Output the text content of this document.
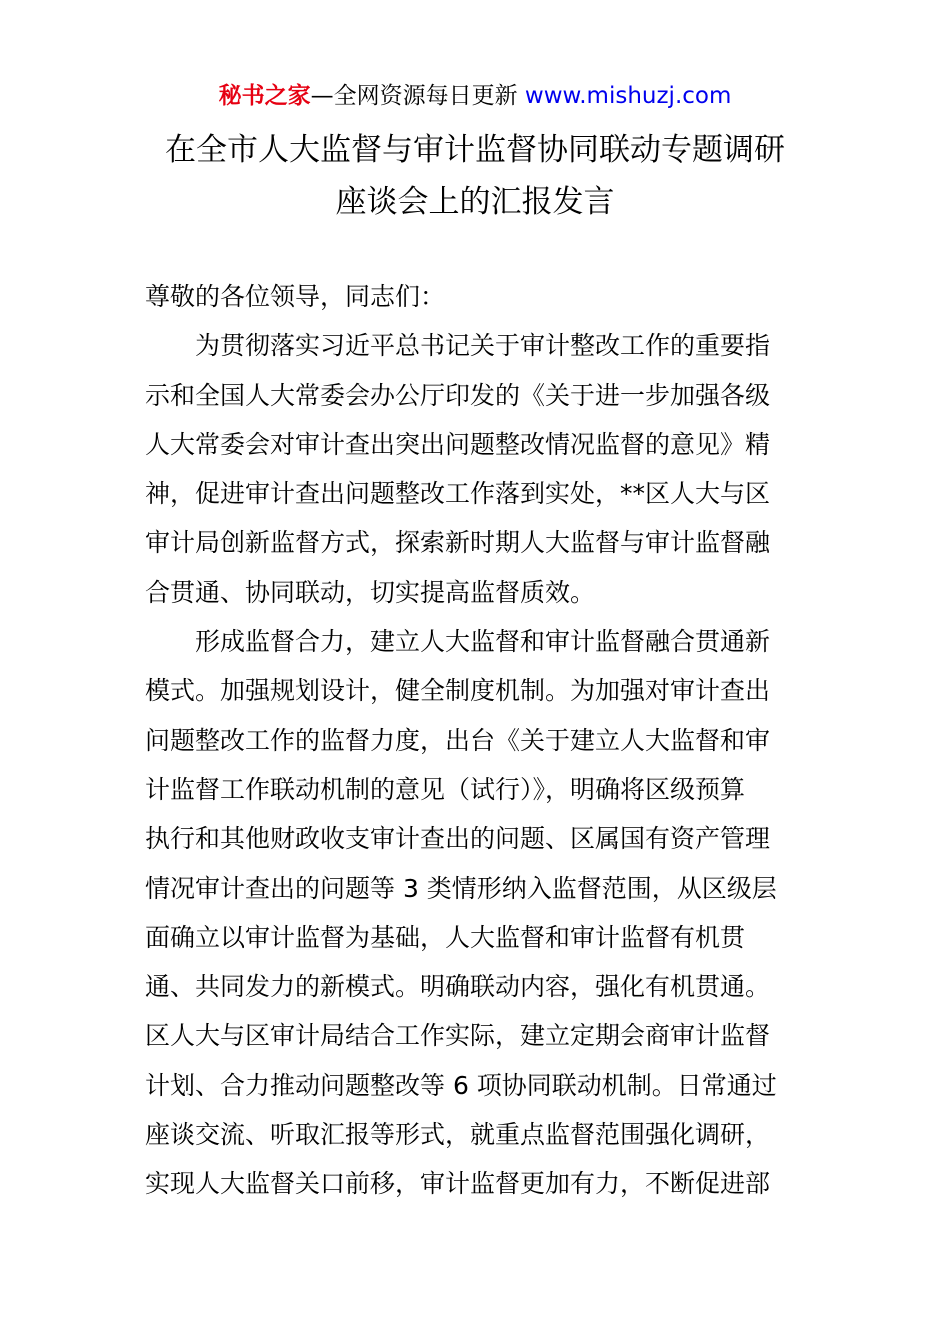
秘书之家—全网资源每日更新 www.mishuzj.com
在全市人大监督与审计监督协同联动专题调研
座谈会上的汇报发言
尊敬的各位领导，同志们：
为贯彻落实习近平总书记关于审计整改工作的重要指
示和全国人大常委会办公厅印发的《关于进一步加强各级
人大常委会对审计查出突出问题整改情况监督的意见》精
神，促进审计查出问题整改工作落到实处，**区人大与区
审计局创新监督方式，探索新时期人大监督与审计监督融
合贯通、协同联动，切实提高监督质效。
形成监督合力，建立人大监督和审计监督融合贯通新
模式。加强规划设计，健全制度机制。为加强对审计查出
问题整改工作的监督力度，出台《关于建立人大监督和审
计监督工作联动机制的意见（试行）》，明确将区级预算
执行和其他财政收支审计查出的问题、区属国有资产管理
情况审计查出的问题等 3 类情形纳入监督范围，从区级层
面确立以审计监督为基础，人大监督和审计监督有机贯
通、共同发力的新模式。明确联动内容，强化有机贯通。
区人大与区审计局结合工作实际，建立定期会商审计监督
计划、合力推动问题整改等 6 项协同联动机制。日常通过
座谈交流、听取汇报等形式，就重点监督范围强化调研，
实现人大监督关口前移，审计监督更加有力，不断促进部
